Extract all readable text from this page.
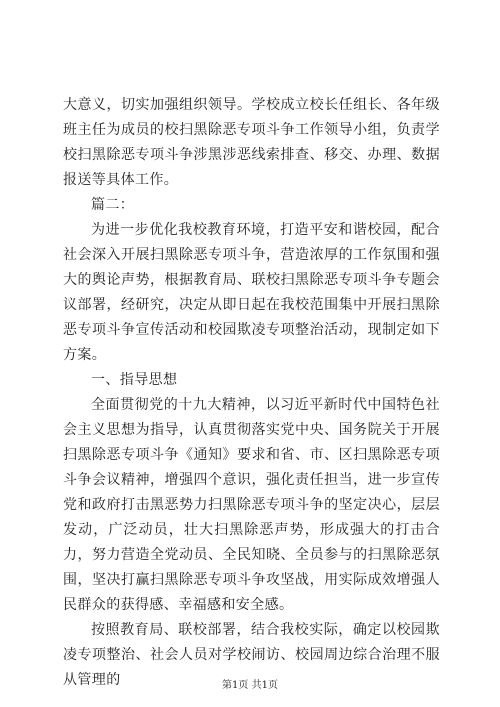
大意义，切实加强组织领导。学校成立校长任组长、各年级班主任为成员的校扫黑除恶专项斗争工作领导小组，负责学校扫黑除恶专项斗争涉黑涉恶线索排查、移交、办理、数据报送等具体工作。

篇二：

为进一步优化我校教育环境，打造平安和谐校园，配合社会深入开展扫黑除恶专项斗争，营造浓厚的工作氛围和强大的舆论声势，根据教育局、联校扫黑除恶专项斗争专题会议部署，经研究，决定从即日起在我校范围集中开展扫黑除恶专项斗争宣传活动和校园欺凌专项整治活动，现制定如下方案。

一、指导思想

全面贯彻党的十九大精神，以习近平新时代中国特色社会主义思想为指导，认真贯彻落实党中央、国务院关于开展扫黑除恶专项斗争《通知》要求和省、市、区扫黑除恶专项斗争会议精神，增强四个意识，强化责任担当，进一步宣传党和政府打击黑恶势力扫黑除恶专项斗争的坚定决心，层层发动，广泛动员，壮大扫黑除恶声势，形成强大的打击合力，努力营造全党动员、全民知晓、全员参与的扫黑除恶氛围，坚决打赢扫黑除恶专项斗争攻坚战，用实际成效增强人民群众的获得感、幸福感和安全感。

按照教育局、联校部署，结合我校实际，确定以校园欺凌专项整治、社会人员对学校闹访、校园周边综合治理不服从管理的	第1页 共1页
